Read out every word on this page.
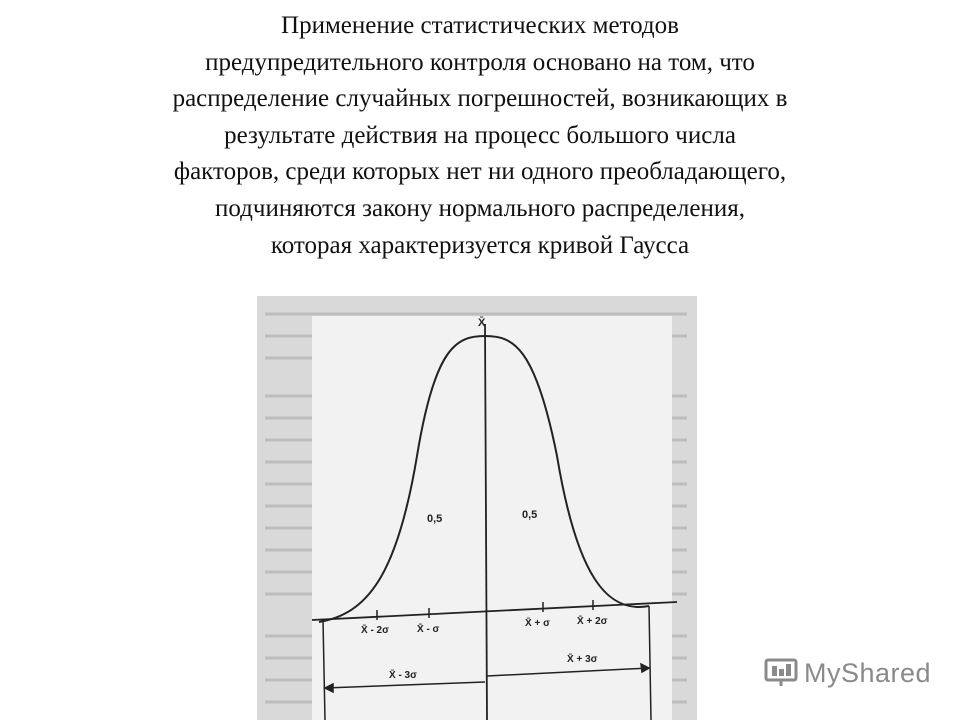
Применение статистических методов
предупредительного контроля основано на том, что
распределение случайных погрешностей, возникающих в
результате действия на процесс большого числа
факторов, среди которых нет ни одного преобладающего,
подчиняются закону нормального распределения,
которая характеризуется кривой Гаусса
X̄
0,5	0,5
X̄ - 2σ	X̄ - σ
X̄ + σ	X̄ + 2σ
X̄ + 3σ
X̄ - 3σ	MyShared
